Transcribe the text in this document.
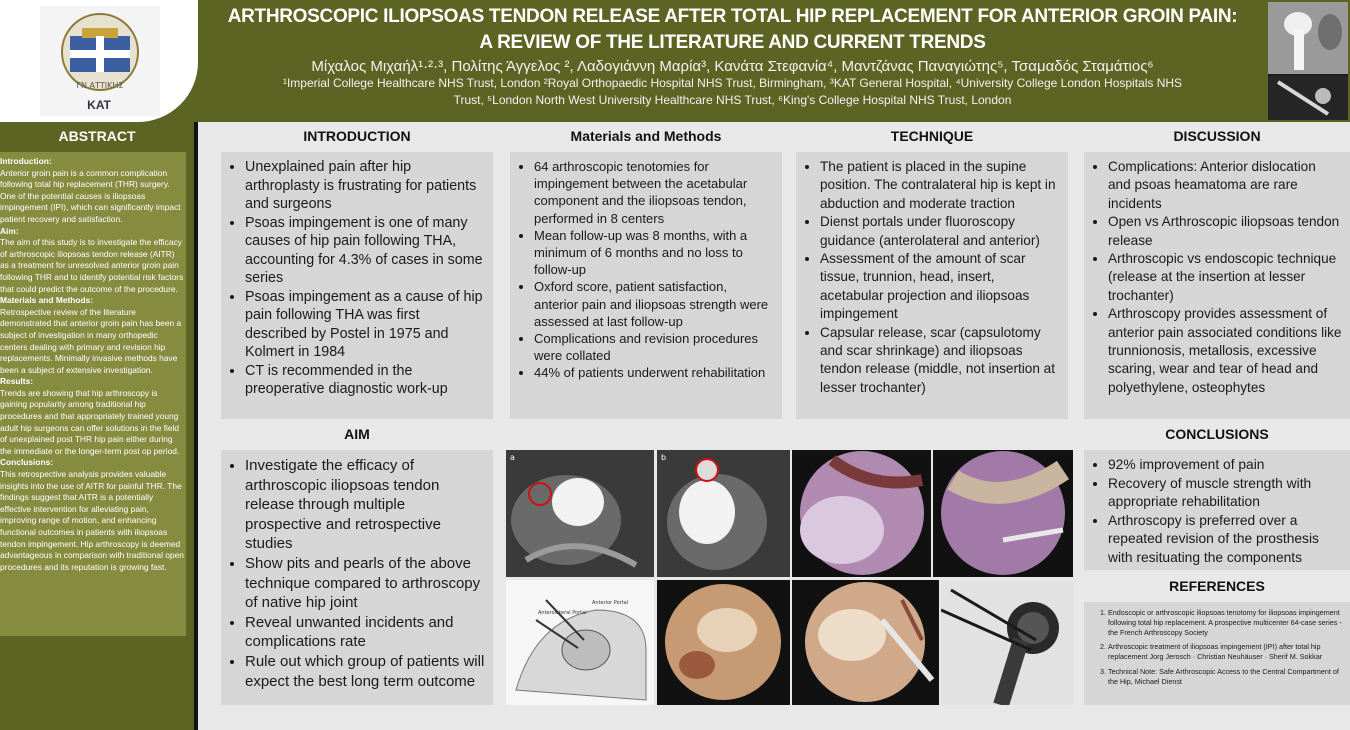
ΓΝ ΑΤΤΙΚΗΣ
ΚΑΤ
ARTHROSCOPIC ILIOPSOAS TENDON RELEASE AFTER TOTAL HIP REPLACEMENT FOR ANTERIOR GROIN PAIN:
A REVIEW OF THE LITERATURE AND CURRENT TRENDS
Μίχαλος Μιχαήλ¹·²·³, Πολίτης Άγγελος ², Λαδογιάννη Μαρία³, Κανάτα Στεφανία⁴, Μαντζάνας Παναγιώτης⁵, Τσαμαδός Σταμάτιος⁶
¹Imperial College Healthcare NHS Trust, London ²Royal Orthopaedic Hospital NHS Trust, Birmingham, ³KAT General Hospital, ⁴University College London Hospitals NHS
Trust, ⁵London North West University Healthcare NHS Trust, ⁶King's College Hospital NHS Trust, London
ABSTRACT

Introduction:
Anterior groin pain is a common complication following total hip replacement (THR) surgery. One of the potential causes is iliopsoas impingement (IPI), which can significantly impact patient recovery and satisfaction.

Aim:
The aim of this study is to investigate the efficacy of arthroscopic iliopsoas tendon release (AITR) as a treatment for unresolved anterior groin pain following THR and to identify potential risk factors that could predict the outcome of the procedure.

Materials and Methods:
Retrospective review of the literature demonstrated that anterior groin pain has been a subject of investigation in many orthopedic centers dealing with primary and revision hip replacements. Minimally invasive methods have been a subject of extensive investigation.

Results:
Trends are showing that hip arthroscopy is gaining popularity among traditional hip procedures and that appropriately trained young adult hip surgeons can offer solutions in the field of unexplained post THR hip pain either during the immediate or the longer-term post op period.

Conclusions:
This retrospective analysis provides valuable insights into the use of AITR for painful THR. The findings suggest that AITR is a potentially effective intervention for alleviating pain, improving range of motion, and enhancing functional outcomes in patients with iliopsoas tendon impingement. Hip arthroscopy is deemed advantageous in comparison with traditional open procedures and its reputation is growing fast.

INTRODUCTION	Materials and Methods	TECHNIQUE	DISCUSSION
• Unexplained pain after hip arthroplasty is frustrating for patients and surgeons
• Psoas impingement is one of many causes of hip pain following THA, accounting for 4.3% of cases in some series
• Psoas impingement as a cause of hip pain following THA was first described by Postel in 1975 and Kolmert in 1984
• CT is recommended in the preoperative diagnostic work-up
• 64 arthroscopic tenotomies for impingement between the acetabular component and the iliopsoas tendon, performed in 8 centers
• Mean follow-up was 8 months, with a minimum of 6 months and no loss to follow-up
• Oxford score, patient satisfaction, anterior pain and iliopsoas strength were assessed at last follow-up
• Complications and revision procedures were collated
• 44% of patients underwent rehabilitation
• The patient is placed in the supine position. The contralateral hip is kept in abduction and moderate traction
• Dienst portals under fluoroscopy guidance (anterolateral and anterior)
• Assessment of the amount of scar tissue, trunnion, head, insert, acetabular projection and iliopsoas impingement
• Capsular release, scar (capsulotomy and scar shrinkage) and iliopsoas tendon release (middle, not insertion at lesser trochanter)
• Complications: Anterior dislocation and psoas heamatoma are rare incidents
• Open vs Arthroscopic iliopsoas tendon release
• Arthroscopic vs endoscopic technique (release at the insertion at lesser trochanter)
• Arthroscopy provides assessment of anterior pain associated conditions like trunnionosis, metallosis, excessive scaring, wear and tear of head and polyethylene, osteophytes
AIM
• Investigate the efficacy of arthroscopic iliopsoas tendon release through multiple prospective and retrospective studies
• Show pits and pearls of the above technique compared to arthroscopy of native hip joint
• Reveal unwanted incidents and complications rate
• Rule out which group of patients will expect the best long term outcome
a	b
Anterior Portal
Anterolateral Portal
CONCLUSIONS
• 92% improvement of pain
• Recovery of muscle strength with appropriate rehabilitation
• Arthroscopy is preferred over a repeated revision of the prosthesis with resituating the components
REFERENCES
1. Endoscopic or arthroscopic iliopsoas tenotomy for iliopsoas impingement following total hip replacement. A prospective multicenter 64-case series - the French Arthroscopy Society
2. Arthroscopic treatment of iliopsoas impingement (IPI) after total hip replacement Jorg Jerosch · Christian Neuhäuser · Sherif M. Sokkar
3. Technical Note: Safe Arthroscopic Access to the Central Compartment of the Hip, Michael Dienst
